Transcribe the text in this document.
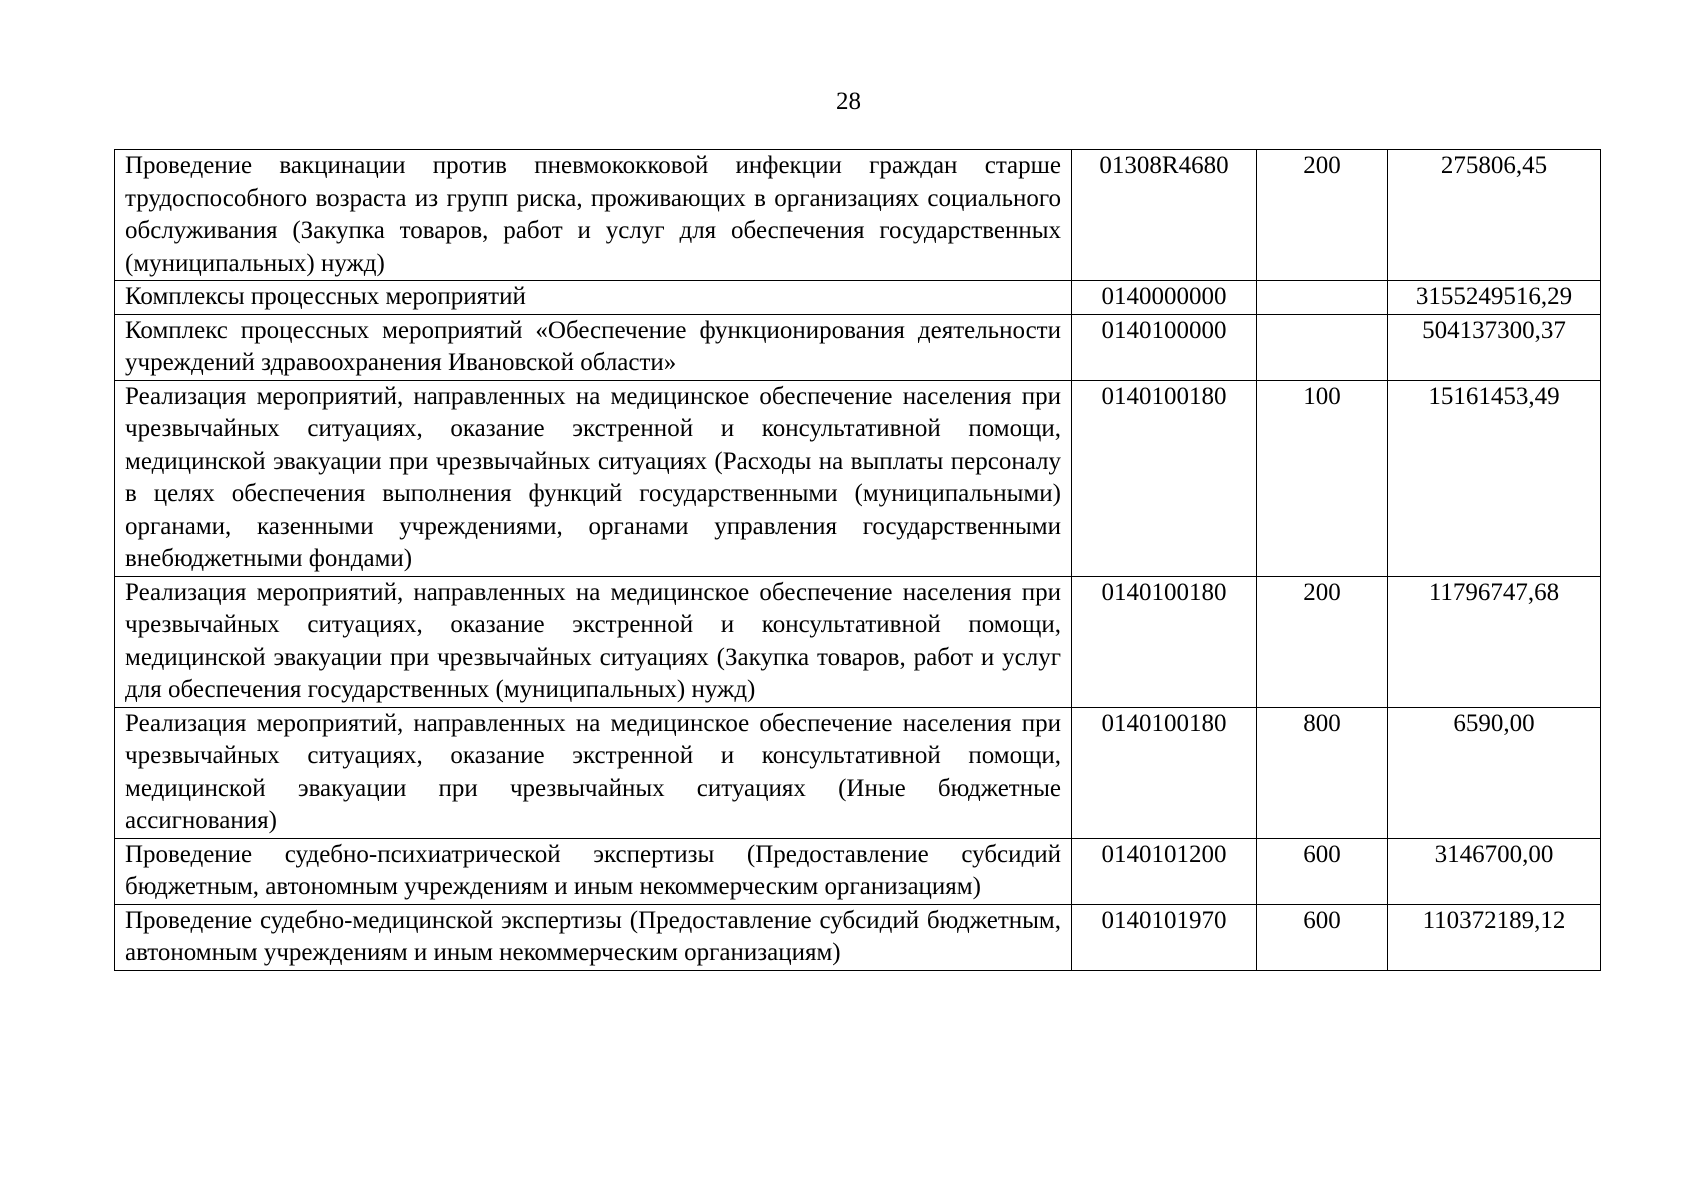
28
Проведение вакцинации против пневмококковой инфекции граждан старше трудоспособного возраста из групп риска, проживающих в организациях социального обслуживания (Закупка товаров, работ и услуг для обеспечения государственных (муниципальных) нужд)	01308R4680	200	275806,45
Комплексы процессных мероприятий	0140000000		3155249516,29
Комплекс процессных мероприятий «Обеспечение функционирования деятельности учреждений здравоохранения Ивановской области»	0140100000		504137300,37
Реализация мероприятий, направленных на медицинское обеспечение населения при чрезвычайных ситуациях, оказание экстренной и консультативной помощи, медицинской эвакуации при чрезвычайных ситуациях (Расходы на выплаты персоналу в целях обеспечения выполнения функций государственными (муниципальными) органами, казенными учреждениями, органами управления государственными внебюджетными фондами)	0140100180	100	15161453,49
Реализация мероприятий, направленных на медицинское обеспечение населения при чрезвычайных ситуациях, оказание экстренной и консультативной помощи, медицинской эвакуации при чрезвычайных ситуациях (Закупка товаров, работ и услуг для обеспечения государственных (муниципальных) нужд)	0140100180	200	11796747,68
Реализация мероприятий, направленных на медицинское обеспечение населения при чрезвычайных ситуациях, оказание экстренной и консультативной помощи, медицинской эвакуации при чрезвычайных ситуациях (Иные бюджетные ассигнования)	0140100180	800	6590,00
Проведение судебно-психиатрической экспертизы (Предоставление субсидий бюджетным, автономным учреждениям и иным некоммерческим организациям)	0140101200	600	3146700,00
Проведение судебно-медицинской экспертизы (Предоставление субсидий бюджетным, автономным учреждениям и иным некоммерческим организациям)	0140101970	600	110372189,12
